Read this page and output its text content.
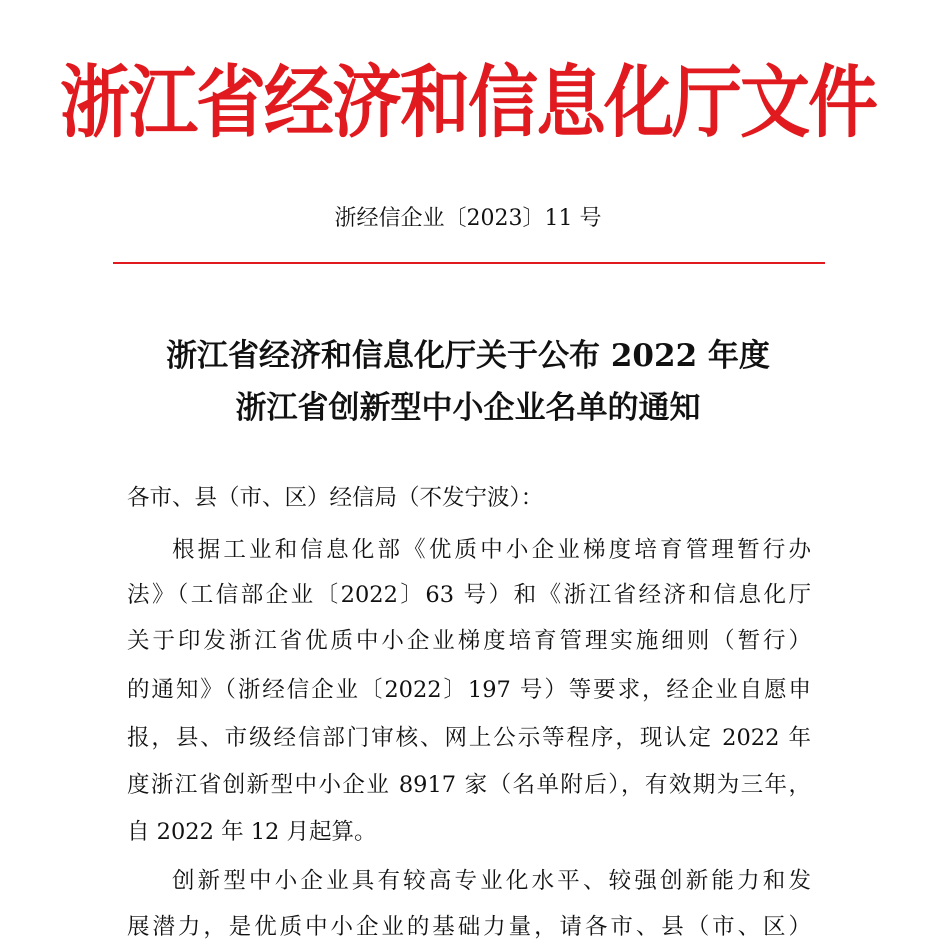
浙江省经济和信息化厅文件
浙经信企业〔2023〕11 号
浙江省经济和信息化厅关于公布 2022 年度
浙江省创新型中小企业名单的通知
各市、县（市、区）经信局（不发宁波）：
根据工业和信息化部《优质中小企业梯度培育管理暂行办
法》（工信部企业〔2022〕63 号）和《浙江省经济和信息化厅
关于印发浙江省优质中小企业梯度培育管理实施细则（暂行）
的通知》（浙经信企业〔2022〕197 号）等要求，经企业自愿申
报，县、市级经信部门审核、网上公示等程序，现认定 2022 年
度浙江省创新型中小企业 8917 家（名单附后），有效期为三年，
自 2022 年 12 月起算。
创新型中小企业具有较高专业化水平、较强创新能力和发
展潜力，是优质中小企业的基础力量，请各市、县（市、区）
